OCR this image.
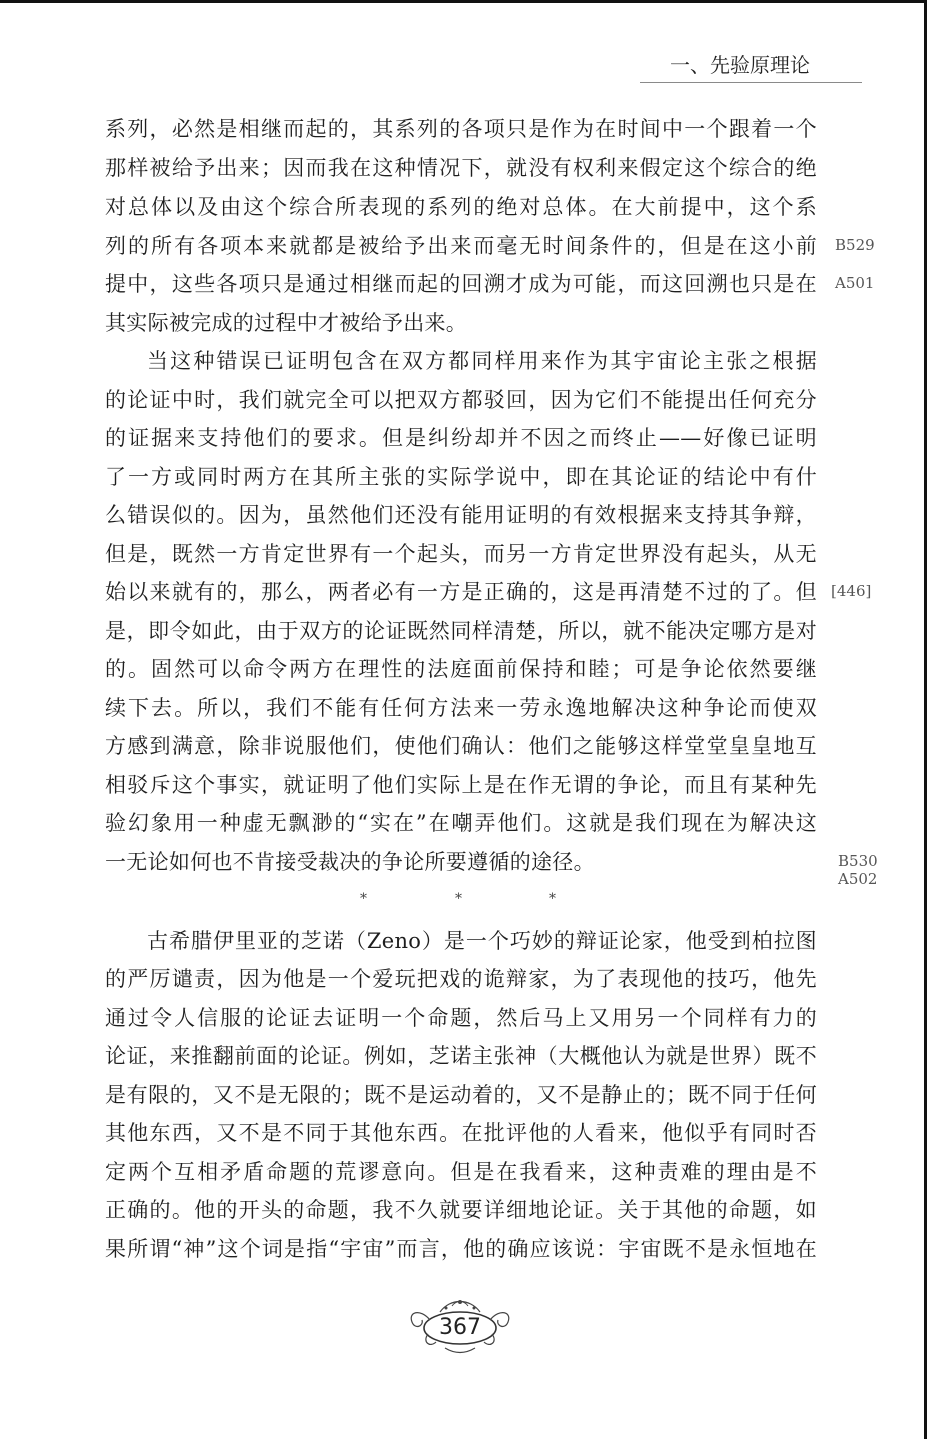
一、先验原理论
系列，必然是相继而起的，其系列的各项只是作为在时间中一个跟着一个
那样被给予出来；因而我在这种情况下，就没有权利来假定这个综合的绝
对总体以及由这个综合所表现的系列的绝对总体。在大前提中，这个系
列的所有各项本来就都是被给予出来而毫无时间条件的，但是在这小前
提中，这些各项只是通过相继而起的回溯才成为可能，而这回溯也只是在
其实际被完成的过程中才被给予出来。
当这种错误已证明包含在双方都同样用来作为其宇宙论主张之根据
的论证中时，我们就完全可以把双方都驳回，因为它们不能提出任何充分
的证据来支持他们的要求。但是纠纷却并不因之而终止——好像已证明
了一方或同时两方在其所主张的实际学说中，即在其论证的结论中有什
么错误似的。因为，虽然他们还没有能用证明的有效根据来支持其争辩，
但是，既然一方肯定世界有一个起头，而另一方肯定世界没有起头，从无
始以来就有的，那么，两者必有一方是正确的，这是再清楚不过的了。但
是，即令如此，由于双方的论证既然同样清楚，所以，就不能决定哪方是对
的。固然可以命令两方在理性的法庭面前保持和睦；可是争论依然要继
续下去。所以，我们不能有任何方法来一劳永逸地解决这种争论而使双
方感到满意，除非说服他们，使他们确认：他们之能够这样堂堂皇皇地互
相驳斥这个事实，就证明了他们实际上是在作无谓的争论，而且有某种先
验幻象用一种虚无飘渺的“实在”在嘲弄他们。这就是我们现在为解决这
一无论如何也不肯接受裁决的争论所要遵循的途径。
*	*	*
古希腊伊里亚的芝诺（Zeno）是一个巧妙的辩证论家，他受到柏拉图
的严厉谴责，因为他是一个爱玩把戏的诡辩家，为了表现他的技巧，他先
通过令人信服的论证去证明一个命题，然后马上又用另一个同样有力的
论证，来推翻前面的论证。例如，芝诺主张神（大概他认为就是世界）既不
是有限的，又不是无限的；既不是运动着的，又不是静止的；既不同于任何
其他东西，又不是不同于其他东西。在批评他的人看来，他似乎有同时否
定两个互相矛盾命题的荒谬意向。但是在我看来，这种责难的理由是不
正确的。他的开头的命题，我不久就要详细地论证。关于其他的命题，如
果所谓“神”这个词是指“宇宙”而言，他的确应该说：宇宙既不是永恒地在
B529
A501
[446]
B530
A502
367
